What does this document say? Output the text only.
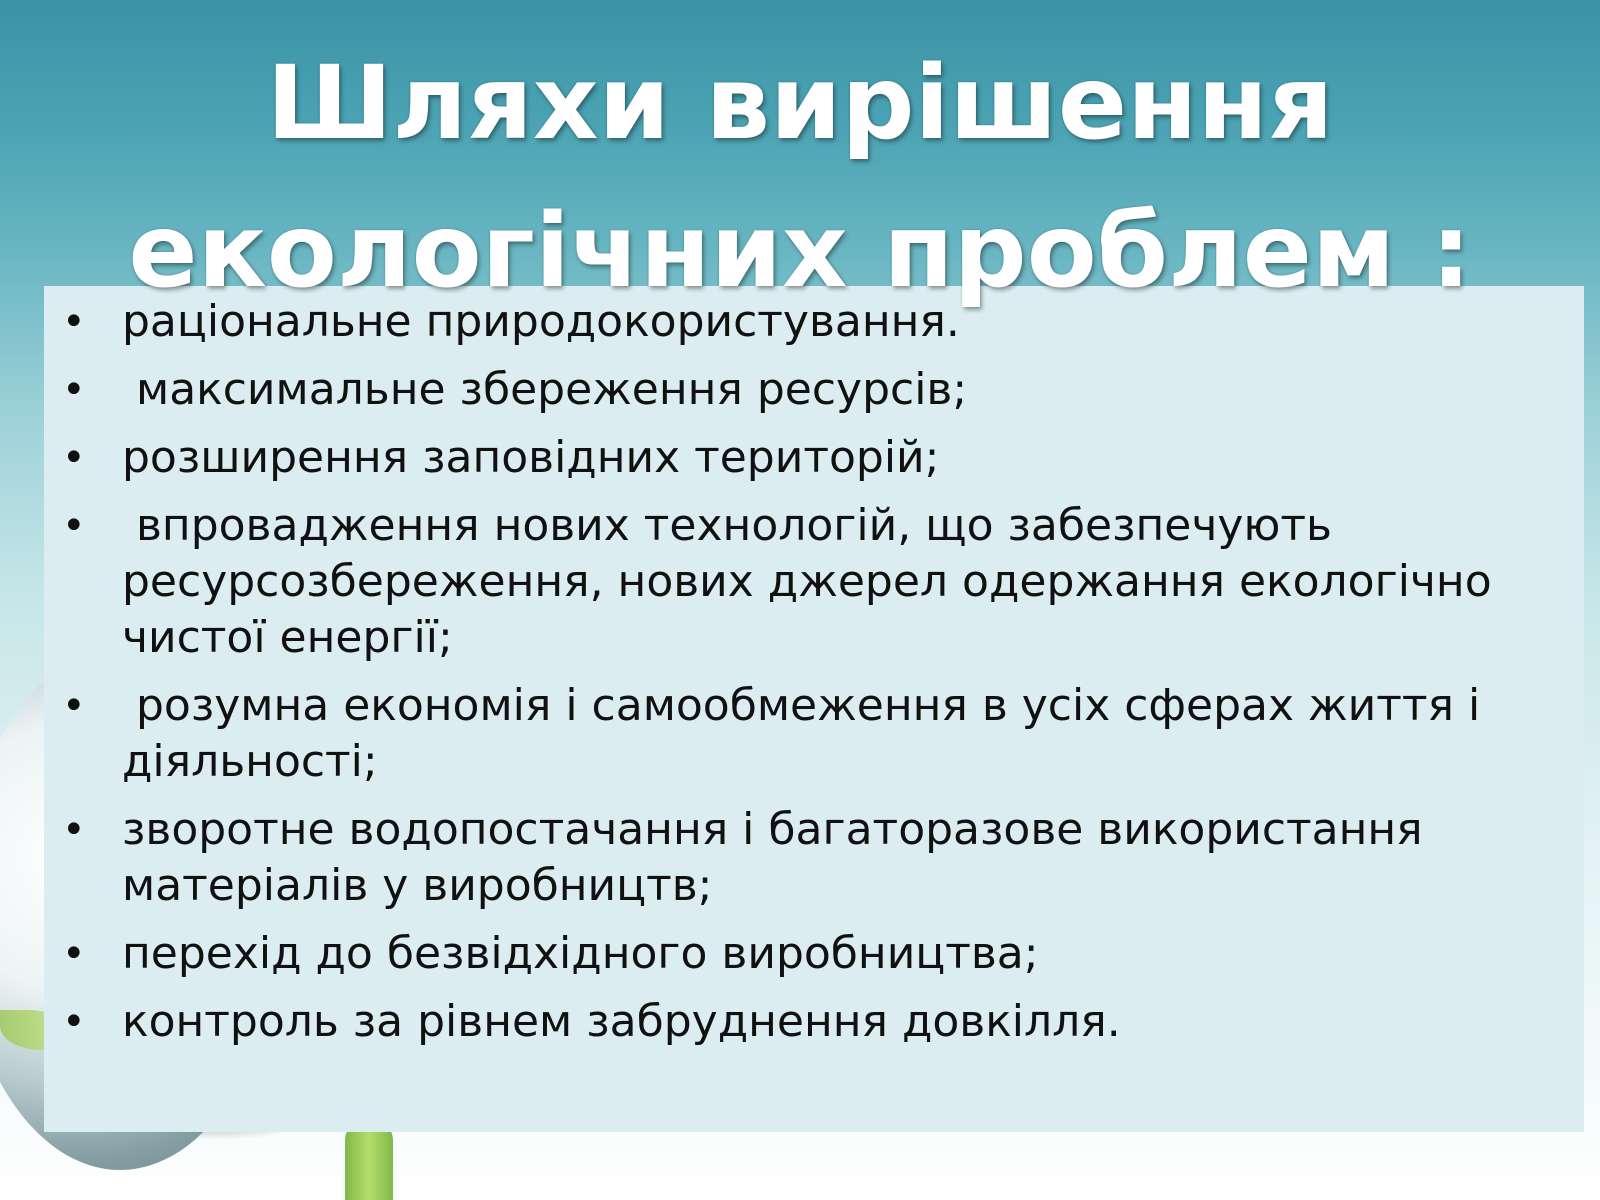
Шляхи вирішення
екологічних проблем :
• раціональне природокористування.
• максимальне збереження ресурсів;
• розширення заповідних територій;
• впровадження нових технологій, що забезпечують ресурсозбереження, нових джерел одержання екологічно чистої енергії;
• розумна економія і самообмеження в усіх сферах життя і діяльності;
• зворотне водопостачання і багаторазове використання матеріалів у виробництв;
• перехід до безвідхідного виробництва;
• контроль за рівнем забруднення довкілля.
